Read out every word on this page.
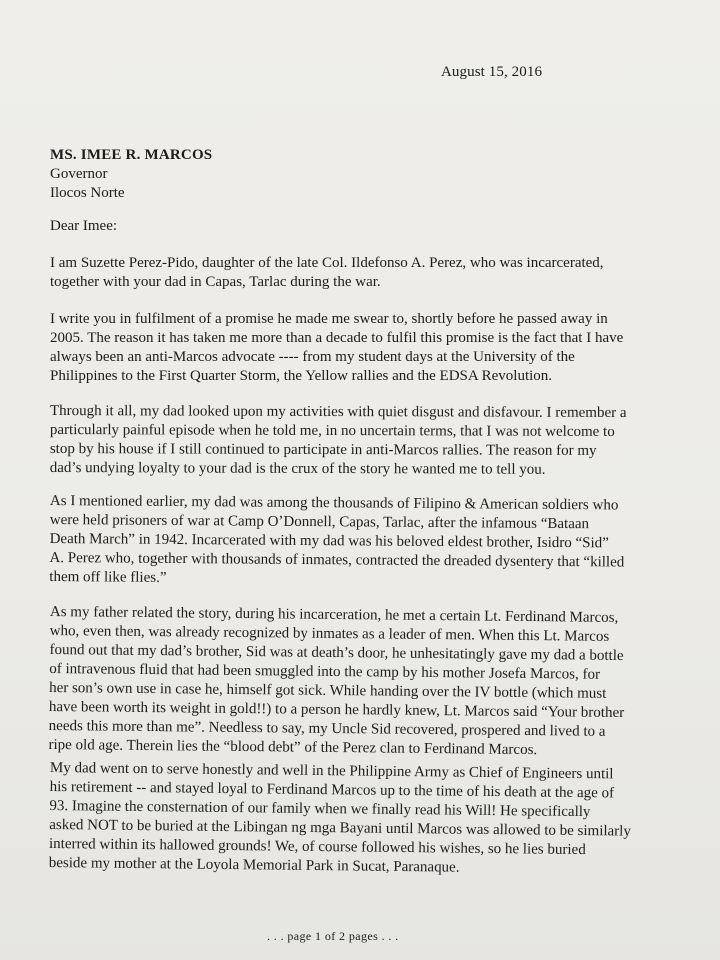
August 15, 2016
MS. IMEE R. MARCOS
Governor
Ilocos Norte
Dear Imee:

I am Suzette Perez-Pido, daughter of the late Col. Ildefonso A. Perez, who was incarcerated,
together with your dad in Capas, Tarlac during the war.

I write you in fulfilment of a promise he made me swear to, shortly before he passed away in
2005. The reason it has taken me more than a decade to fulfil this promise is the fact that I have
always been an anti-Marcos advocate ---- from my student days at the University of the
Philippines to the First Quarter Storm, the Yellow rallies and the EDSA Revolution.

Through it all, my dad looked upon my activities with quiet disgust and disfavour. I remember a
particularly painful episode when he told me, in no uncertain terms, that I was not welcome to
stop by his house if I still continued to participate in anti-Marcos rallies. The reason for my
dad’s undying loyalty to your dad is the crux of the story he wanted me to tell you.

As I mentioned earlier, my dad was among the thousands of Filipino & American soldiers who
were held prisoners of war at Camp O’Donnell, Capas, Tarlac, after the infamous “Bataan
Death March” in 1942. Incarcerated with my dad was his beloved eldest brother, Isidro “Sid”
A. Perez who, together with thousands of inmates, contracted the dreaded dysentery that “killed
them off like flies.”

As my father related the story, during his incarceration, he met a certain Lt. Ferdinand Marcos,
who, even then, was already recognized by inmates as a leader of men. When this Lt. Marcos
found out that my dad’s brother, Sid was at death’s door, he unhesitatingly gave my dad a bottle
of intravenous fluid that had been smuggled into the camp by his mother Josefa Marcos, for
her son’s own use in case he, himself got sick. While handing over the IV bottle (which must
have been worth its weight in gold!!) to a person he hardly knew, Lt. Marcos said “Your brother
needs this more than me”. Needless to say, my Uncle Sid recovered, prospered and lived to a
ripe old age. Therein lies the “blood debt” of the Perez clan to Ferdinand Marcos.

My dad went on to serve honestly and well in the Philippine Army as Chief of Engineers until
his retirement -- and stayed loyal to Ferdinand Marcos up to the time of his death at the age of
93. Imagine the consternation of our family when we finally read his Will! He specifically
asked NOT to be buried at the Libingan ng mga Bayani until Marcos was allowed to be similarly
interred within its hallowed grounds! We, of course followed his wishes, so he lies buried
beside my mother at the Loyola Memorial Park in Sucat, Paranaque.

. . . page 1 of 2 pages . . .
